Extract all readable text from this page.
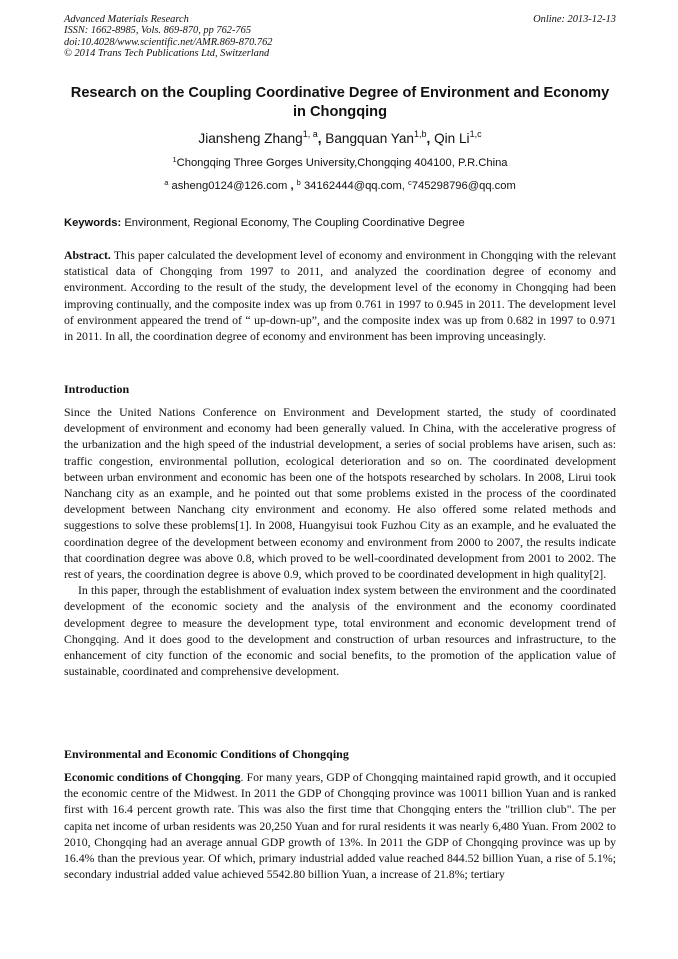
Advanced Materials Research
ISSN: 1662-8985, Vols. 869-870, pp 762-765
doi:10.4028/www.scientific.net/AMR.869-870.762
© 2014 Trans Tech Publications Ltd, Switzerland
Online: 2013-12-13
Research on the Coupling Coordinative Degree of Environment and Economy in Chongqing
Jiansheng Zhang$^{1, a}$, Bangquan Yan$^{1,b}$, Qin Li$^{1,c}$
$^1$Chongqing Three Gorges University,Chongqing 404100, P.R.China
$^a$ asheng0124@126.com , $^b$ 34162444@qq.com, $^c$745298796@qq.com
Keywords: Environment, Regional Economy, The Coupling Coordinative Degree

Abstract. This paper calculated the development level of economy and environment in Chongqing with the relevant statistical data of Chongqing from 1997 to 2011, and analyzed the coordination degree of economy and environment. According to the result of the study, the development level of the economy in Chongqing had been improving continually, and the composite index was up from 0.761 in 1997 to 0.945 in 2011. The development level of environment appeared the trend of “ up-down-up”, and the composite index was up from 0.682 in 1997 to 0.971 in 2011. In all, the coordination degree of economy and environment has been improving unceasingly.

Introduction

Since the United Nations Conference on Environment and Development started, the study of coordinated development of environment and economy had been generally valued. In China, with the accelerative progress of the urbanization and the high speed of the industrial development, a series of social problems have arisen, such as: traffic congestion, environmental pollution, ecological deterioration and so on. The coordinated development between urban environment and economic has been one of the hotspots researched by scholars. In 2008, Lirui took Nanchang city as an example, and he pointed out that some problems existed in the process of the coordinated development between Nanchang city environment and economy. He also offered some related methods and suggestions to solve these problems[1]. In 2008, Huangyisui took Fuzhou City as an example, and he evaluated the coordination degree of the development between economy and environment from 2000 to 2007, the results indicate that coordination degree was above 0.8, which proved to be well-coordinated development from 2001 to 2002. The rest of years, the coordination degree is above 0.9, which proved to be coordinated development in high quality[2].

In this paper, through the establishment of evaluation index system between the environment and the coordinated development of the economic society and the analysis of the environment and the economy coordinated development degree to measure the development type, total environment and economic development trend of Chongqing. And it does good to the development and construction of urban resources and infrastructure, to the enhancement of city function of the economic and social benefits, to the promotion of the application value of sustainable, coordinated and comprehensive development.

Environmental and Economic Conditions of Chongqing

Economic conditions of Chongqing. For many years, GDP of Chongqing maintained rapid growth, and it occupied the economic centre of the Midwest. In 2011 the GDP of Chongqing province was 10011 billion Yuan and is ranked first with 16.4 percent growth rate. This was also the first time that Chongqing enters the "trillion club". The per capita net income of urban residents was 20,250 Yuan and for rural residents it was nearly 6,480 Yuan. From 2002 to 2010, Chongqing had an average annual GDP growth of 13%. In 2011 the GDP of Chongqing province was up by 16.4% than the previous year. Of which, primary industrial added value reached 844.52 billion Yuan, a rise of 5.1%; secondary industrial added value achieved 5542.80 billion Yuan, a increase of 21.8%; tertiary
